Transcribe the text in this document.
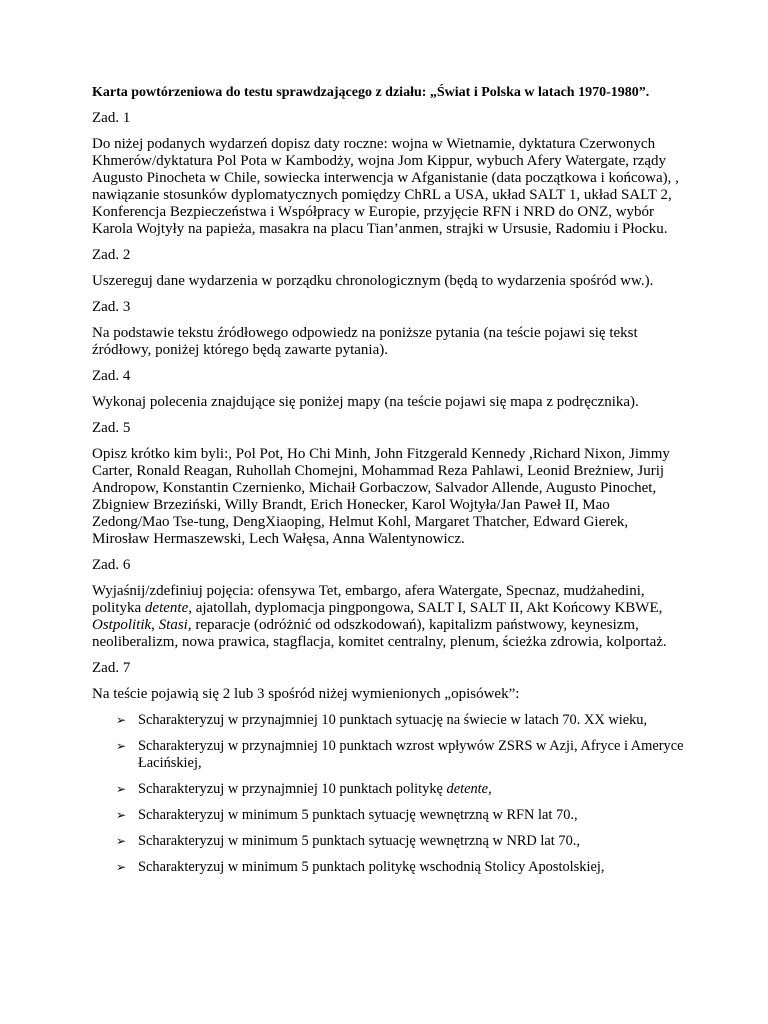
Karta powtórzeniowa do testu sprawdzającego z działu: „Świat i Polska w latach 1970-1980”.
Zad. 1
Do niżej podanych wydarzeń dopisz daty roczne: wojna w Wietnamie, dyktatura Czerwonych Khmerów/dyktatura Pol Pota w Kambodży, wojna Jom Kippur, wybuch Afery Watergate, rządy Augusto Pinocheta w Chile, sowiecka interwencja w Afganistanie (data początkowa i końcowa), , nawiązanie stosunków dyplomatycznych pomiędzy ChRL a USA, układ SALT 1, układ SALT 2, Konferencja Bezpieczeństwa i Współpracy w Europie, przyjęcie RFN i NRD do ONZ, wybór Karola Wojtyły na papieża, masakra na placu Tian’anmen, strajki w Ursusie, Radomiu i Płocku.
Zad. 2
Uszereguj dane wydarzenia w porządku chronologicznym (będą to wydarzenia spośród ww.).
Zad. 3
Na podstawie tekstu źródłowego odpowiedz na poniższe pytania (na teście pojawi się tekst źródłowy, poniżej którego będą zawarte pytania).
Zad. 4
Wykonaj polecenia znajdujące się poniżej mapy (na teście pojawi się mapa z podręcznika).
Zad. 5
Opisz krótko kim byli:, Pol Pot, Ho Chi Minh, John Fitzgerald Kennedy ,Richard Nixon, Jimmy Carter, Ronald Reagan, Ruhollah Chomejni, Mohammad Reza Pahlawi, Leonid Breżniew, Jurij Andropow, Konstantin Czernienko, Michaił Gorbaczow, Salvador Allende, Augusto Pinochet, Zbigniew Brzeziński, Willy Brandt, Erich Honecker, Karol Wojtyła/Jan Paweł II, Mao Zedong/Mao Tse-tung, DengXiaoping, Helmut Kohl, Margaret Thatcher, Edward Gierek, Mirosław Hermaszewski, Lech Wałęsa, Anna Walentynowicz.
Zad. 6
Wyjaśnij/zdefiniuj pojęcia: ofensywa Tet, embargo, afera Watergate, Specnaz, mudżahedini, polityka detente, ajatollah, dyplomacja pingpongowa, SALT I, SALT II, Akt Końcowy KBWE, Ostpolitik, Stasi, reparacje (odróżnić od odszkodowań), kapitalizm państwowy, keynesizm, neoliberalizm, nowa prawica, stagflacja, komitet centralny, plenum, ścieżka zdrowia, kolportaż.
Zad. 7
Na teście pojawią się 2 lub 3 spośród niżej wymienionych „opisówek”:
➢ Scharakteryzuj w przynajmniej 10 punktach sytuację na świecie w latach 70. XX wieku,
➢ Scharakteryzuj w przynajmniej 10 punktach wzrost wpływów ZSRS w Azji, Afryce i Ameryce Łacińskiej,
➢ Scharakteryzuj w przynajmniej 10 punktach politykę detente,
➢ Scharakteryzuj w minimum 5 punktach sytuację wewnętrzną w RFN lat 70.,
➢ Scharakteryzuj w minimum 5 punktach sytuację wewnętrzną w NRD lat 70.,
➢ Scharakteryzuj w minimum 5 punktach politykę wschodnią Stolicy Apostolskiej,
